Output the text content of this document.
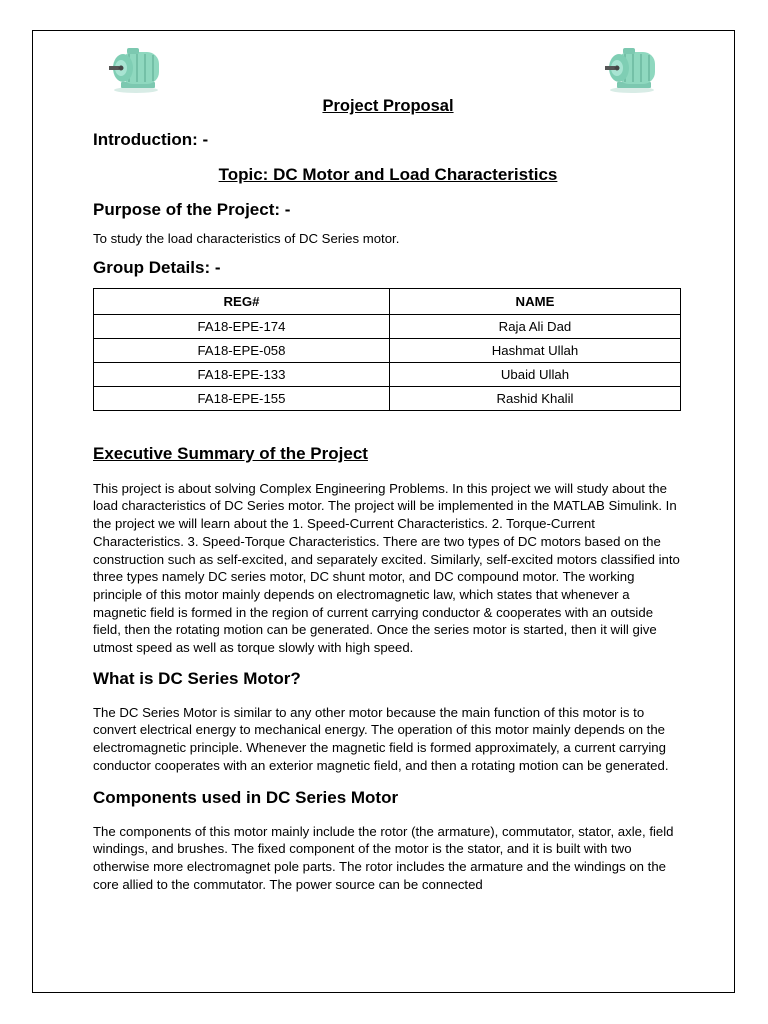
Project Proposal

Introduction: -

Topic: DC Motor and Load Characteristics

Purpose of the Project: -

To study the load characteristics of DC Series motor.

Group Details: -

REG#	NAME
FA18-EPE-174	Raja Ali Dad
FA18-EPE-058	Hashmat Ullah
FA18-EPE-133	Ubaid Ullah
FA18-EPE-155	Rashid Khalil

Executive Summary of the Project

This project is about solving Complex Engineering Problems. In this project we will study about the load characteristics of DC Series motor. The project will be implemented in the MATLAB Simulink. In the project we will learn about the 1. Speed-Current Characteristics. 2. Torque-Current Characteristics. 3. Speed-Torque Characteristics. There are two types of DC motors based on the construction such as self-excited, and separately excited. Similarly, self-excited motors classified into three types namely DC series motor, DC shunt motor, and DC compound motor. The working principle of this motor mainly depends on electromagnetic law, which states that whenever a magnetic field is formed in the region of current carrying conductor & cooperates with an outside field, then the rotating motion can be generated. Once the series motor is started, then it will give utmost speed as well as torque slowly with high speed.

What is DC Series Motor?

The DC Series Motor is similar to any other motor because the main function of this motor is to convert electrical energy to mechanical energy. The operation of this motor mainly depends on the electromagnetic principle. Whenever the magnetic field is formed approximately, a current carrying conductor cooperates with an exterior magnetic field, and then a rotating motion can be generated.

Components used in DC Series Motor

The components of this motor mainly include the rotor (the armature), commutator, stator, axle, field windings, and brushes. The fixed component of the motor is the stator, and it is built with two otherwise more electromagnet pole parts. The rotor includes the armature and the windings on the core allied to the commutator. The power source can be connected
